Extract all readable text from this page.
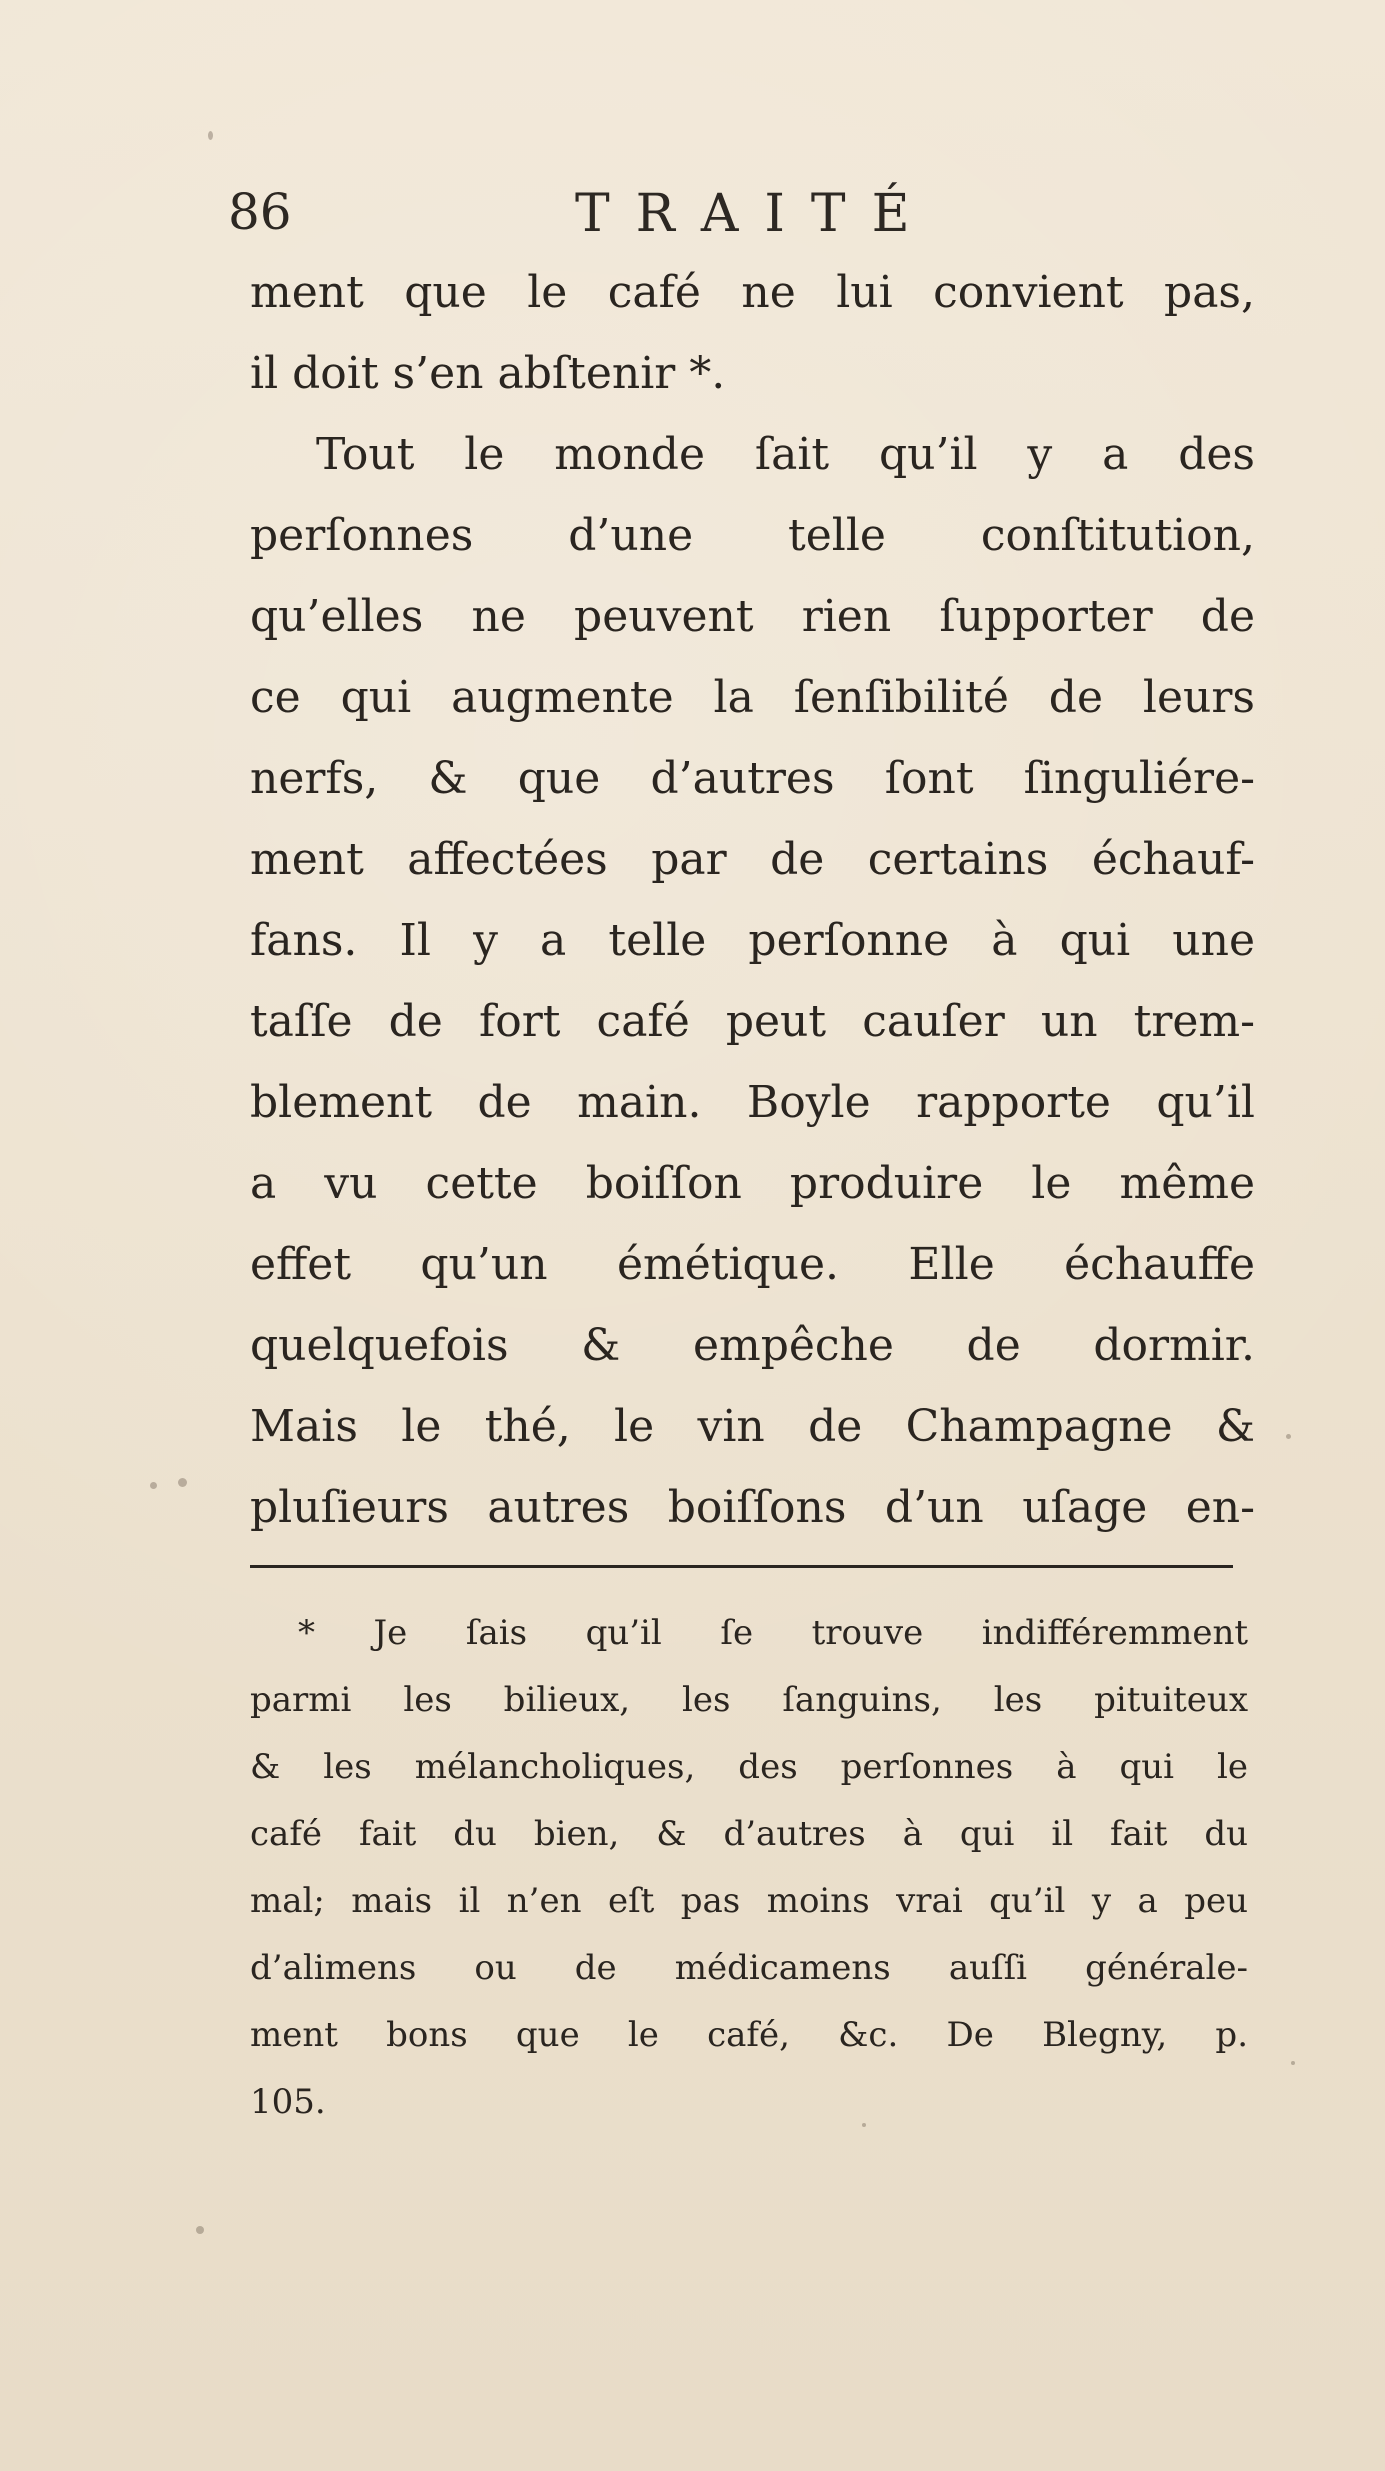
86	TRAITÉ
ment que le café ne lui convient pas,
il doit s’en abſtenir *.
Tout le monde ſait qu’il y a des
perſonnes d’une telle conſtitution,
qu’elles ne peuvent rien ſupporter de
ce qui augmente la ſenſibilité de leurs
nerfs, & que d’autres ſont ſinguliére-
ment affectées par de certains échauf-
fans. Il y a telle perſonne à qui une
taſſe de fort café peut cauſer un trem-
blement de main. Boyle rapporte qu’il
a vu cette boiſſon produire le même
effet qu’un émétique. Elle échauffe
quelquefois & empêche de dormir.
Mais le thé, le vin de Champagne &
pluſieurs autres boiſſons d’un uſage en-
* Je ſais qu’il ſe trouve indifféremment
parmi les bilieux, les ſanguins, les pituiteux
& les mélancholiques, des perſonnes à qui le
café fait du bien, & d’autres à qui il fait du
mal; mais il n’en eſt pas moins vrai qu’il y a peu
d’alimens ou de médicamens auſſi générale-
ment bons que le café, &c. De Blegny, p.
105.
